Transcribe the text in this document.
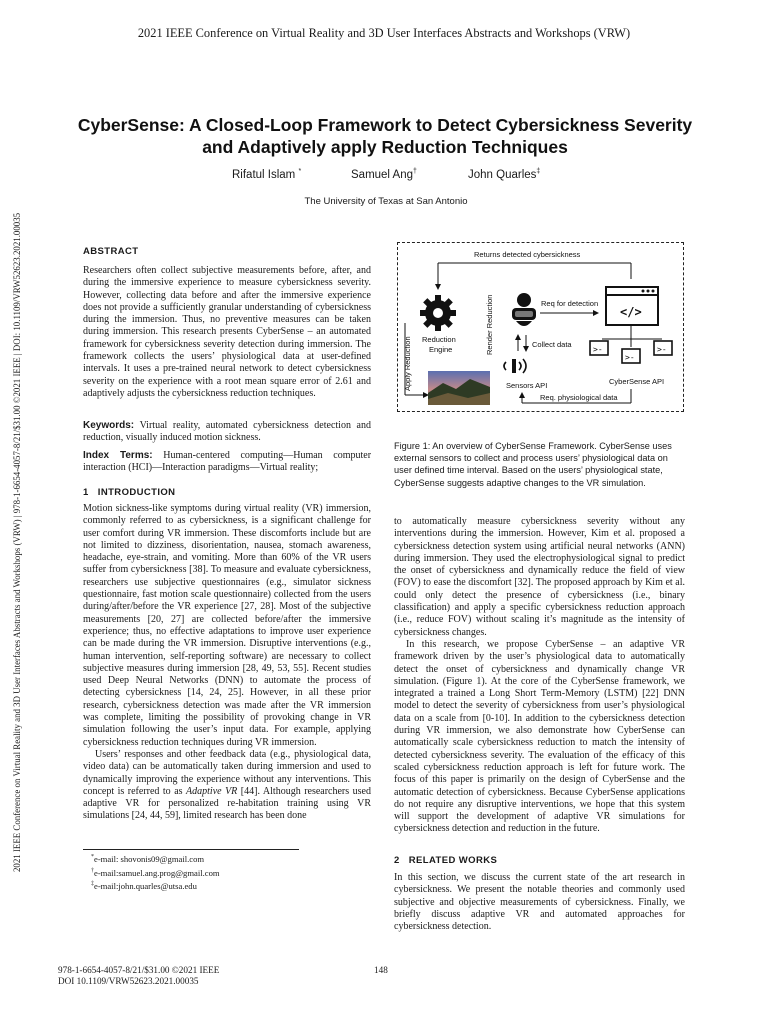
2021 IEEE Conference on Virtual Reality and 3D User Interfaces Abstracts and Workshops (VRW)
2021 IEEE Conference on Virtual Reality and 3D User Interfaces Abstracts and Workshops (VRW) | 978-1-6654-4057-8/21/$31.00 ©2021 IEEE | DOI: 10.1109/VRW52623.2021.00035
CyberSense: A Closed-Loop Framework to Detect Cybersickness Severity
and Adaptively apply Reduction Techniques
Rifatul Islam *	Samuel Ang†	John Quarles‡
The University of Texas at San Antonio
ABSTRACT
Researchers often collect subjective measurements before, after, and during the immersive experience to measure cybersickness severity. However, collecting data before and after the immersive experience does not provide a sufficiently granular understanding of cybersickness during the immersion. Thus, no preventive measures can be taken during immersion. This research presents CyberSense – an automated framework for cybersickness severity detection during immersion. The framework collects the users’ physiological data at user-defined intervals. It uses a pre-trained neural network to detect cybersickness severity on the experience with a root mean square error of 2.61 and adaptively adjusts the cybersickness reduction techniques.
Keywords: Virtual reality, automated cybersickness detection and reduction, visually induced motion sickness.
Index Terms: Human-centered computing—Human computer interaction (HCI)—Interaction paradigms—Virtual reality;
1   INTRODUCTION

Motion sickness-like symptoms during virtual reality (VR) immersion, commonly referred to as cybersickness, is a significant challenge for user comfort during VR immersion. These discomforts include but are not limited to dizziness, disorientation, nausea, stomach awareness, headache, eye-strain, and vomiting. More than 60% of the VR users suffer from cybersickness [38]. To measure and evaluate cybersickness, researchers use subjective questionnaires (e.g., simulator sickness questionnaire, fast motion scale questionnaire) collected from the users during/after/before the VR experience [27, 28]. Most of the subjective measurements [20, 27] are collected before/after the immersive experience; thus, no effective adaptations to improve user experience can be made during the VR immersion. Disruptive interventions (e.g., human intervention, self-reporting software) are necessary to collect subjective measures during immersion [28, 49, 53, 55]. Recent studies used Deep Neural Networks (DNN) to automate the process of detecting cybersickness [14, 24, 25]. However, in all these prior research, cybersickness detection was made after the VR immersion was complete, limiting the possibility of provoking change in VR simulation following the user’s input data. For example, applying cybersickness reduction techniques during VR immersion.

Users’ responses and other feedback data (e.g., physiological data, video data) can be automatically taken during immersion and used to dynamically improving the experience without any interventions. This concept is referred to as Adaptive VR [44]. Although researchers used adaptive VR for personalized re-habitation training using VR simulations [24, 44, 59], limited research has been done

*e-mail: shovonis09@gmail.com
†e-mail:samuel.ang.prog@gmail.com
‡e-mail:john.quarles@utsa.edu
Returns detected cybersickness
Reduction
Engine
Apply Reduction
Render Reduction	Req for detection
Collect data
Sensors API
</>
>-
>-
>-
CyberSense API
Req. physiological data
Figure 1: An overview of CyberSense Framework. CyberSense uses external sensors to collect and process users’ physiological data on user defined time interval. Based on the users’ physiological state, CyberSense suggests adaptive changes to the VR simulation.

to automatically measure cybersickness severity without any interventions during the immersion. However, Kim et al. proposed a cybersickness detection system using artificial neural networks (ANN) during immersion. They used the electrophysiological signal to predict the onset of cybersickness and dynamically reduce the field of view (FOV) to ease the discomfort [32]. The proposed approach by Kim et al. could only detect the presence of cybersickness (i.e., binary classification) and apply a specific cybersickness reduction approach (i.e., reduce FOV) without scaling it’s magnitude as the intensity of cybersickness changes.

In this research, we propose CyberSense – an adaptive VR framework driven by the user’s physiological data to automatically detect the onset of cybersickness and dynamically change VR simulation. (Figure 1). At the core of the CyberSense framework, we integrated a trained a Long Short Term-Memory (LSTM) [22] DNN model to detect the severity of cybersickness from user’s physiological data on a scale from [0-10]. In addition to the cybersickness detection during VR immersion, we also demonstrate how CyberSense can automatically scale cybersickness reduction to match the intensity of detected cybersickness severity. The evaluation of the efficacy of this scaled cybersickness reduction approach is left for future work. The focus of this paper is primarily on the design of CyberSense and the automatic detection of cybersickness. Because CyberSense applications do not require any disruptive interventions, we hope that this system will support the development of adaptive VR simulations for cybersickness detection and reduction in the future.

2   RELATED WORKS
In this section, we discuss the current state of the art research in cybersickness. We present the notable theories and commonly used subjective and objective measurements of cybersickness. Finally, we briefly discuss adaptive VR and automated approaches for cybersickness detection.
978-1-6654-4057-8/21/$31.00 ©2021 IEEE
DOI 10.1109/VRW52623.2021.00035
148
